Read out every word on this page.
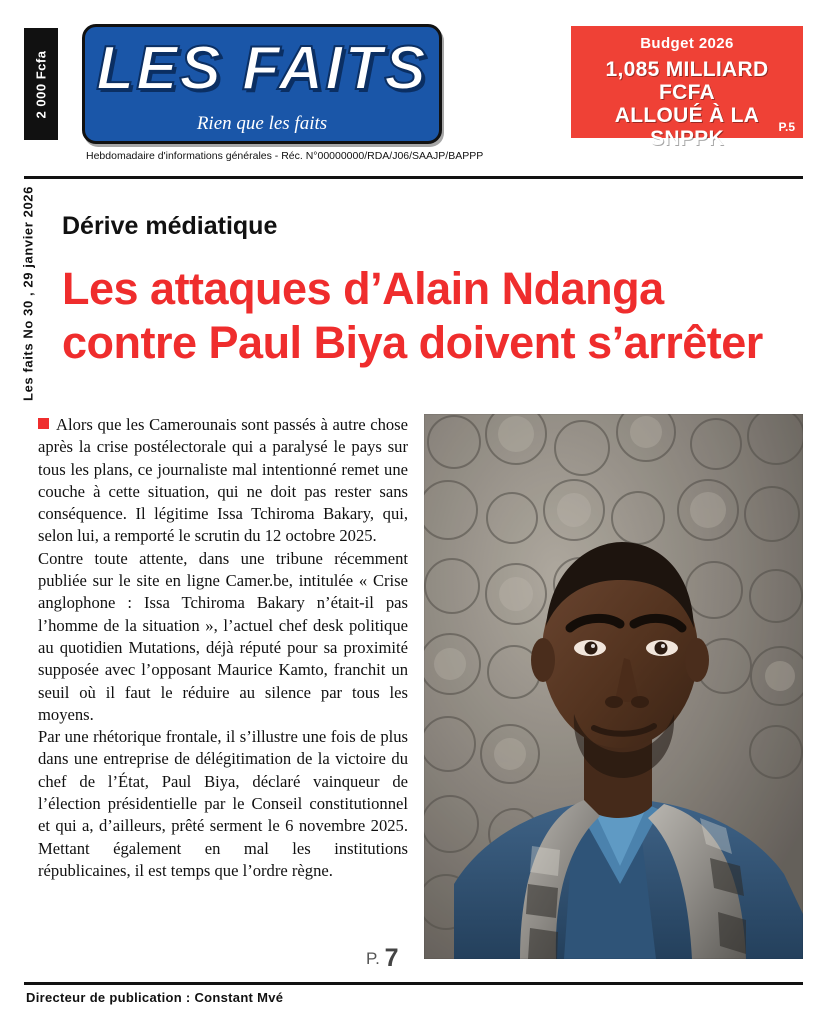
2 000 Fcfa LES FAITS
Rien que les faits
Hebdomadaire d'informations générales - Réc. N°00000000/RDA/J06/SAAJP/BAPPP
Budget 2026
1,085 MILLIARD FCFA
ALLOUÉ À LA SNPPK	P.5
Les faits No 30 , 29 janvier 2026 Dérive médiatique
Les attaques d’Alain Ndanga contre Paul Biya doivent s’arrêter

Alors que les Camerounais sont passés à autre chose après la crise postélectorale qui a paralysé le pays sur tous les plans, ce journaliste mal intentionné remet une couche à cette situation, qui ne doit pas rester sans conséquence. Il légitime Issa Tchiroma Bakary, qui, selon lui, a remporté le scrutin du 12 octobre 2025.

Contre toute attente, dans une tribune récemment publiée sur le site en ligne Camer.be, intitulée « Crise anglophone : Issa Tchiroma Bakary n’était-il pas l’homme de la situation », l’actuel chef desk politique au quotidien Mutations, déjà réputé pour sa proximité supposée avec l’opposant Maurice Kamto, franchit un seuil où il faut le réduire au silence par tous les moyens.

Par une rhétorique frontale, il s’illustre une fois de plus dans une entreprise de délégitimation de la victoire du chef de l’État, Paul Biya, déclaré vainqueur de l’élection présidentielle par le Conseil constitutionnel et qui a, d’ailleurs, prêté serment le 6 novembre 2025. Mettant également en mal les institutions républicaines, il est temps que l’ordre règne.

P. 7
Directeur de publication : Constant Mvé
